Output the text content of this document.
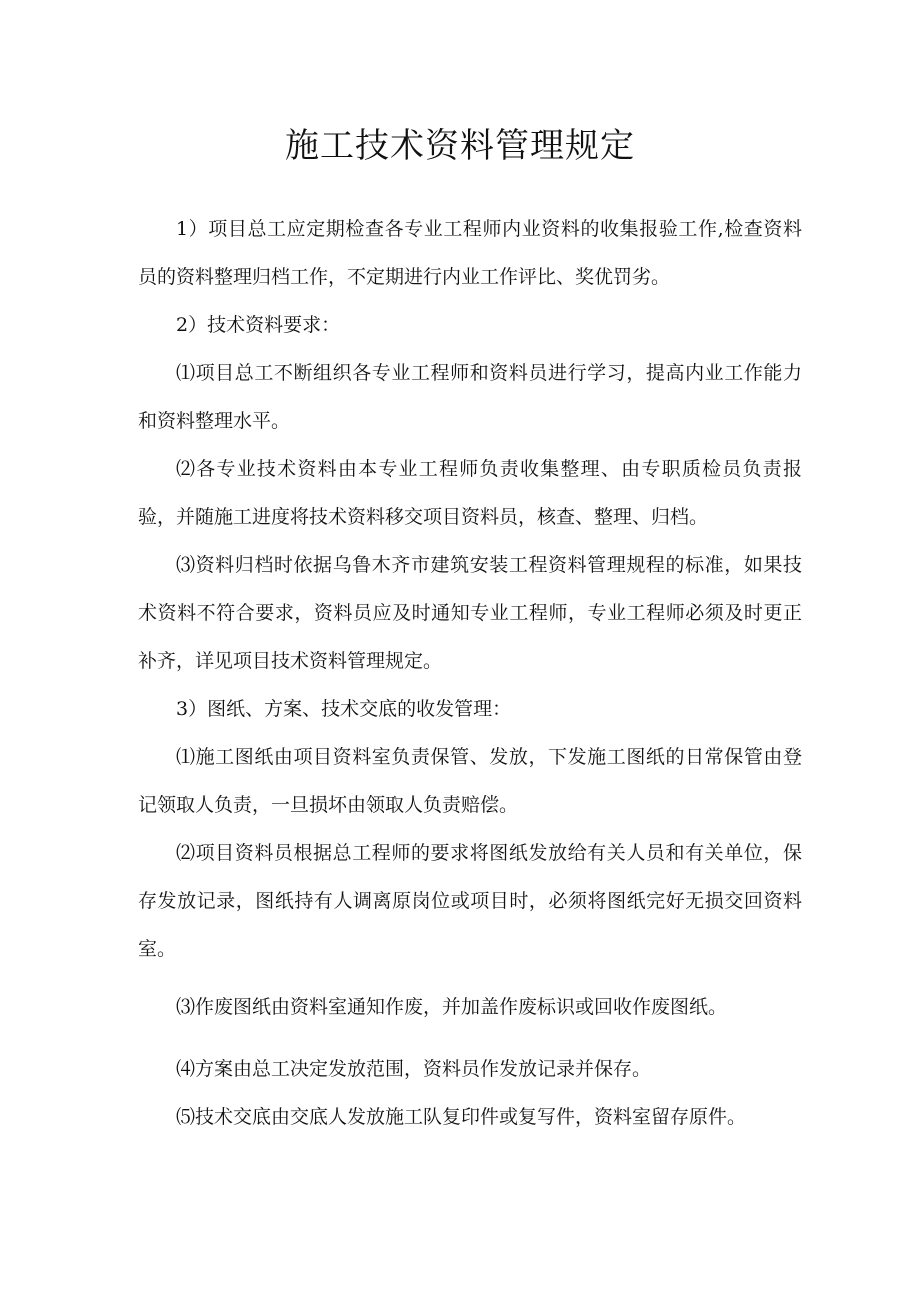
施工技术资料管理规定

1）项目总工应定期检查各专业工程师内业资料的收集报验工作,检查资料员的资料整理归档工作，不定期进行内业工作评比、奖优罚劣。

2）技术资料要求：

⑴项目总工不断组织各专业工程师和资料员进行学习，提高内业工作能力和资料整理水平。

⑵各专业技术资料由本专业工程师负责收集整理、由专职质检员负责报验，并随施工进度将技术资料移交项目资料员，核查、整理、归档。

⑶资料归档时依据乌鲁木齐市建筑安装工程资料管理规程的标准，如果技术资料不符合要求，资料员应及时通知专业工程师，专业工程师必须及时更正补齐，详见项目技术资料管理规定。

3）图纸、方案、技术交底的收发管理：

⑴施工图纸由项目资料室负责保管、发放，下发施工图纸的日常保管由登记领取人负责，一旦损坏由领取人负责赔偿。

⑵项目资料员根据总工程师的要求将图纸发放给有关人员和有关单位，保存发放记录，图纸持有人调离原岗位或项目时，必须将图纸完好无损交回资料室。

⑶作废图纸由资料室通知作废，并加盖作废标识或回收作废图纸。

⑷方案由总工决定发放范围，资料员作发放记录并保存。

⑸技术交底由交底人发放施工队复印件或复写件，资料室留存原件。
